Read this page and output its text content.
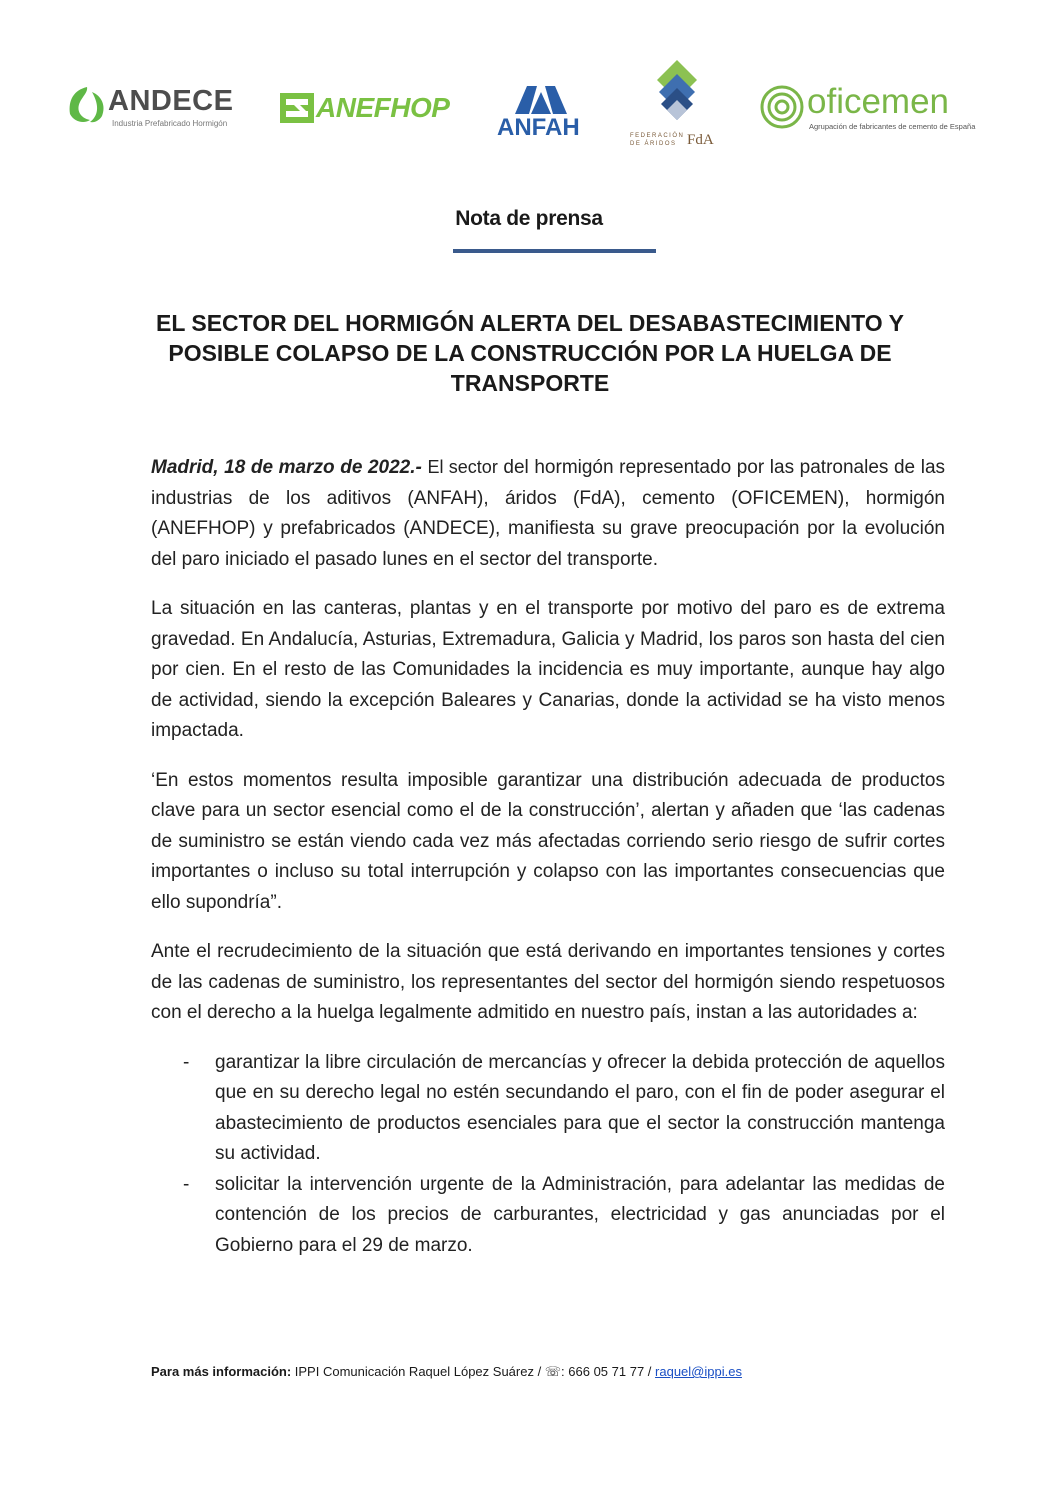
ANDECE
Industria Prefabricado Hormigón
ANEFHOP
ANFAH	FEDERACIÓN
DE ÁRIDOS FdA
oficemen
Agrupación de fabricantes de cemento de España
Nota de prensa
EL SECTOR DEL HORMIGÓN ALERTA DEL DESABASTECIMIENTO Y POSIBLE COLAPSO DE LA CONSTRUCCIÓN POR LA HUELGA DE TRANSPORTE

Madrid, 18 de marzo de 2022.- El sector del hormigón representado por las patronales de las industrias de los aditivos (ANFAH), áridos (FdA), cemento (OFICEMEN), hormigón (ANEFHOP) y prefabricados (ANDECE), manifiesta su grave preocupación por la evolución del paro iniciado el pasado lunes en el sector del transporte.

La situación en las canteras, plantas y en el transporte por motivo del paro es de extrema gravedad. En Andalucía, Asturias, Extremadura, Galicia y Madrid, los paros son hasta del cien por cien. En el resto de las Comunidades la incidencia es muy importante, aunque hay algo de actividad, siendo la excepción Baleares y Canarias, donde la actividad se ha visto menos impactada.

‘En estos momentos resulta imposible garantizar una distribución adecuada de productos clave para un sector esencial como el de la construcción’, alertan y añaden que ‘las cadenas de suministro se están viendo cada vez más afectadas corriendo serio riesgo de sufrir cortes importantes o incluso su total interrupción y colapso con las importantes consecuencias que ello supondría”.

Ante el recrudecimiento de la situación que está derivando en importantes tensiones y cortes de las cadenas de suministro, los representantes del sector del hormigón siendo respetuosos con el derecho a la huelga legalmente admitido en nuestro país, instan a las autoridades a:

- garantizar la libre circulación de mercancías y ofrecer la debida protección de aquellos que en su derecho legal no estén secundando el paro, con el fin de poder asegurar el abastecimiento de productos esenciales para que el sector la construcción mantenga su actividad.
- solicitar la intervención urgente de la Administración, para adelantar las medidas de contención de los precios de carburantes, electricidad y gas anunciadas por el Gobierno para el 29 de marzo.
Para más información: IPPI Comunicación Raquel López Suárez / ☏: 666 05 71 77 / raquel@ippi.es
